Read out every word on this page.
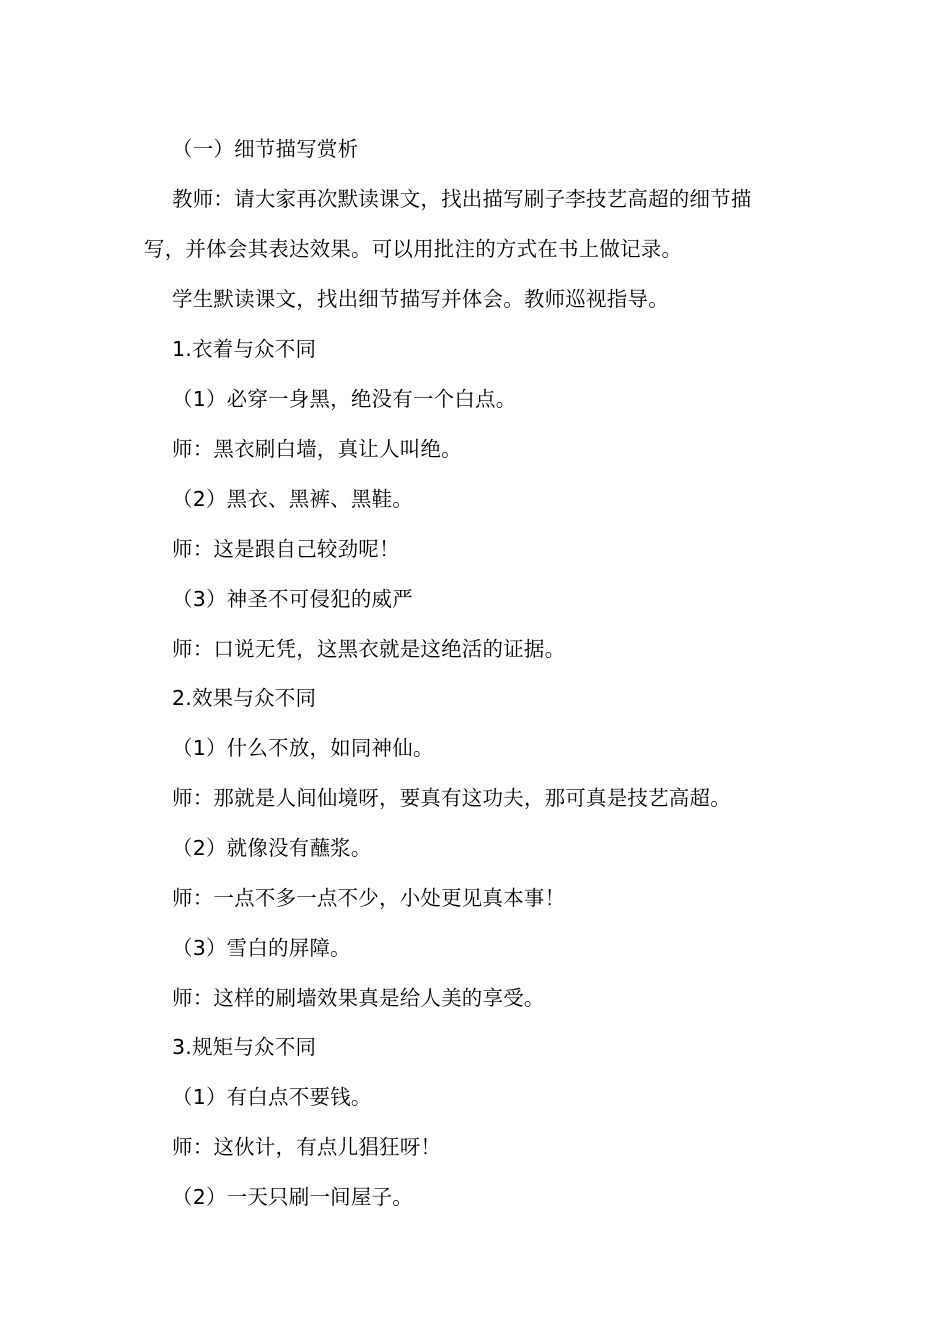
（一）细节描写赏析
教师：请大家再次默读课文，找出描写刷子李技艺高超的细节描
写，并体会其表达效果。可以用批注的方式在书上做记录。
学生默读课文，找出细节描写并体会。教师巡视指导。
1.衣着与众不同
（1）必穿一身黑，绝没有一个白点。
师：黑衣刷白墙，真让人叫绝。
（2）黑衣、黑裤、黑鞋。
师：这是跟自己较劲呢！
（3）神圣不可侵犯的威严
师：口说无凭，这黑衣就是这绝活的证据。
2.效果与众不同
（1）什么不放，如同神仙。
师：那就是人间仙境呀，要真有这功夫，那可真是技艺高超。
（2）就像没有蘸浆。
师：一点不多一点不少，小处更见真本事！
（3）雪白的屏障。
师：这样的刷墙效果真是给人美的享受。
3.规矩与众不同
（1）有白点不要钱。
师：这伙计，有点儿猖狂呀！
（2）一天只刷一间屋子。
